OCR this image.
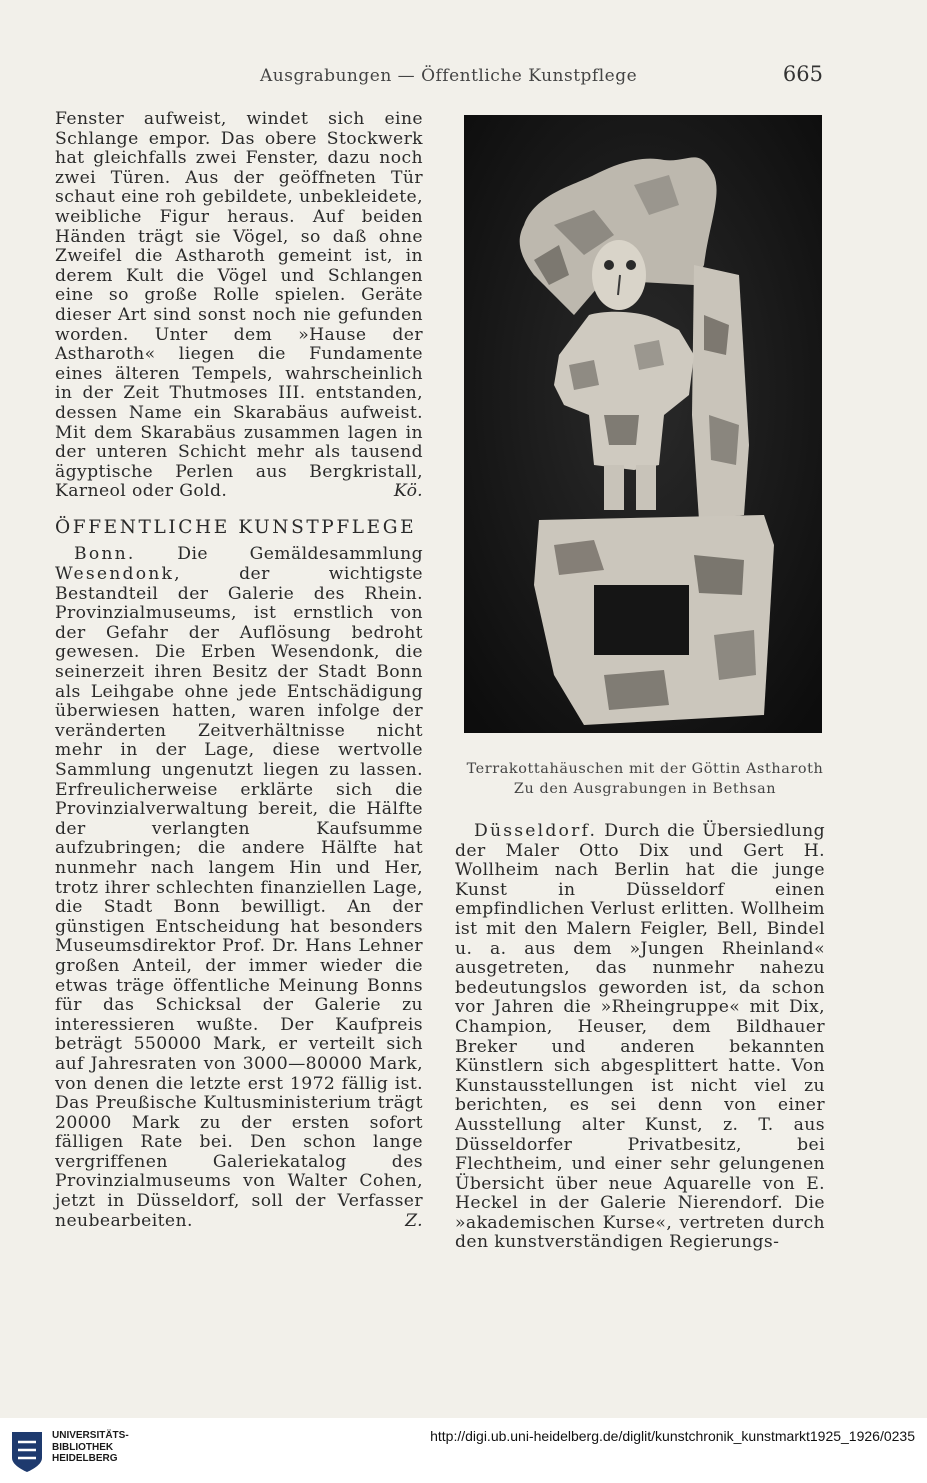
Ausgrabungen — Öffentliche Kunstpflege	665

Fenster aufweist, windet sich eine Schlange empor. Das obere Stockwerk hat gleichfalls zwei Fenster, dazu noch zwei Türen. Aus der geöffneten Tür schaut eine roh gebildete, unbekleidete, weibliche Figur heraus. Auf beiden Händen trägt sie Vögel, so daß ohne Zweifel die Astharoth gemeint ist, in derem Kult die Vögel und Schlangen eine so große Rolle spielen. Geräte dieser Art sind sonst noch nie gefunden worden. Unter dem »Hause der Astharoth« liegen die Fundamente eines älteren Tempels, wahrscheinlich in der Zeit Thutmoses III. entstanden, dessen Name ein Skarabäus aufweist. Mit dem Skarabäus zusammen lagen in der unteren Schicht mehr als tausend ägyptische Perlen aus Bergkristall, Karneol oder Gold.	Kö.

ÖFFENTLICHE KUNSTPFLEGE

Bonn. Die Gemäldesammlung Wesendonk, der wichtigste Bestandteil der Galerie des Rhein. Provinzialmuseums, ist ernstlich von der Gefahr der Auflösung bedroht gewesen. Die Erben Wesendonk, die seinerzeit ihren Besitz der Stadt Bonn als Leihgabe ohne jede Entschädigung überwiesen hatten, waren infolge der veränderten Zeitverhältnisse nicht mehr in der Lage, diese wertvolle Sammlung ungenutzt liegen zu lassen. Erfreulicherweise erklärte sich die Provinzialverwaltung bereit, die Hälfte der verlangten Kaufsumme aufzubringen; die andere Hälfte hat nunmehr nach langem Hin und Her, trotz ihrer schlechten finanziellen Lage, die Stadt Bonn bewilligt. An der günstigen Entscheidung hat besonders Museumsdirektor Prof. Dr. Hans Lehner großen Anteil, der immer wieder die etwas träge öffentliche Meinung Bonns für das Schicksal der Galerie zu interessieren wußte. Der Kaufpreis beträgt 550000 Mark, er verteilt sich auf Jahresraten von 3000—80000 Mark, von denen die letzte erst 1972 fällig ist. Das Preußische Kultusministerium trägt 20000 Mark zu der ersten sofort fälligen Rate bei. Den schon lange vergriffenen Galeriekatalog des Provinzialmuseums von Walter Cohen, jetzt in Düsseldorf, soll der Verfasser neubearbeiten.	Z.

Terrakottahäuschen mit der Göttin Astharoth
Zu den Ausgrabungen in Bethsan

Düsseldorf. Durch die Übersiedlung der Maler Otto Dix und Gert H. Wollheim nach Berlin hat die junge Kunst in Düsseldorf einen empfindlichen Verlust erlitten. Wollheim ist mit den Malern Feigler, Bell, Bindel u. a. aus dem »Jungen Rheinland« ausgetreten, das nunmehr nahezu bedeutungslos geworden ist, da schon vor Jahren die »Rheingruppe« mit Dix, Champion, Heuser, dem Bildhauer Breker und anderen bekannten Künstlern sich abgesplittert hatte. Von Kunstausstellungen ist nicht viel zu berichten, es sei denn von einer Ausstellung alter Kunst, z. T. aus Düsseldorfer Privatbesitz, bei Flechtheim, und einer sehr gelungenen Übersicht über neue Aquarelle von E. Heckel in der Galerie Nierendorf. Die »akademischen Kurse«, vertreten durch den kunstverständigen Regierungs-

UNIVERSITÄTS-
BIBLIOTHEK
HEIDELBERG
http://digi.ub.uni-heidelberg.de/diglit/kunstchronik_kunstmarkt1925_1926/0235
